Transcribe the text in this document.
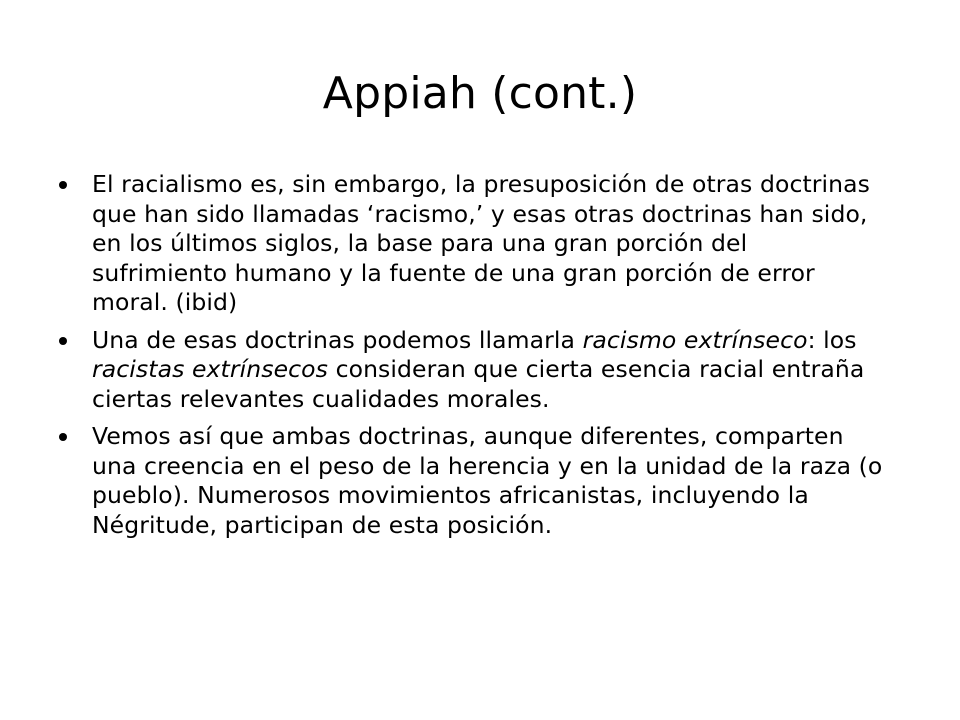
Appiah (cont.)
El racialismo es, sin embargo, la presuposición de otras doctrinas que han sido llamadas ‘racismo,’ y esas otras doctrinas han sido, en los últimos siglos, la base para una gran porción del sufrimiento humano y la fuente de una gran porción de error moral. (ibid)
Una de esas doctrinas podemos llamarla racismo extrínseco: los racistas extrínsecos consideran que cierta esencia racial entraña ciertas relevantes cualidades morales.
Vemos así que ambas doctrinas, aunque diferentes, comparten una creencia en el peso de la herencia y en la unidad de la raza (o pueblo). Numerosos movimientos africanistas, incluyendo la Négritude, participan de esta posición.
